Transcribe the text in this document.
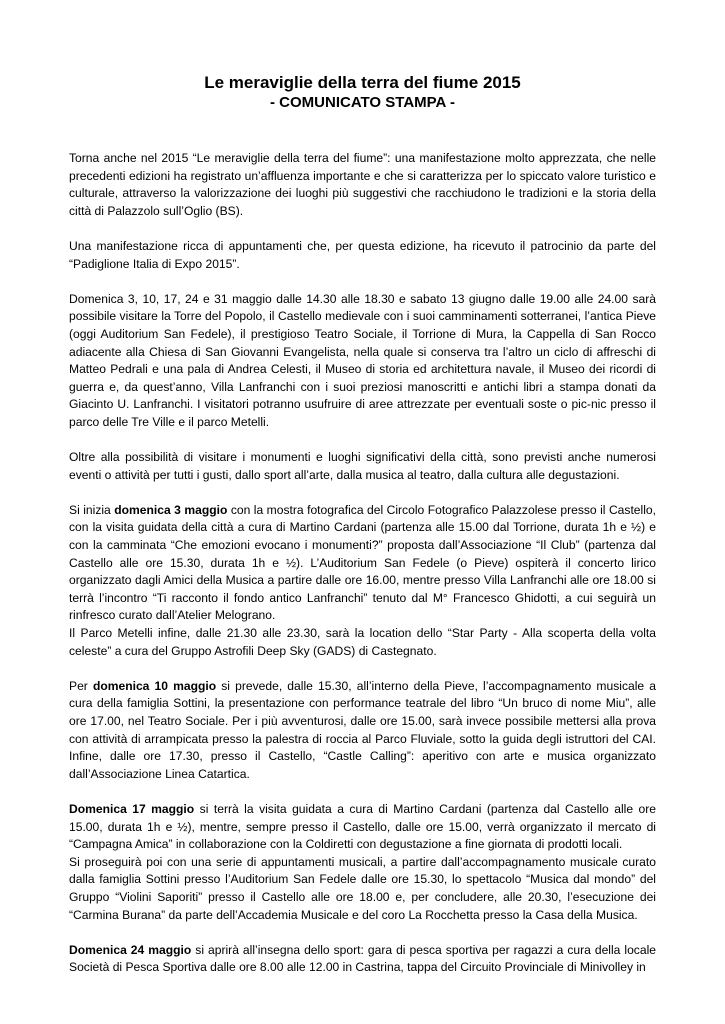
Le meraviglie della terra del fiume 2015
- COMUNICATO STAMPA -

Torna anche nel 2015 “Le meraviglie della terra del fiume”: una manifestazione molto apprezzata, che nelle precedenti edizioni ha registrato un’affluenza importante e che si caratterizza per lo spiccato valore turistico e culturale, attraverso la valorizzazione dei luoghi più suggestivi che racchiudono le tradizioni e la storia della città di Palazzolo sull’Oglio (BS).

Una manifestazione ricca di appuntamenti che, per questa edizione, ha ricevuto il patrocinio da parte del “Padiglione Italia di Expo 2015”.

Domenica 3, 10, 17, 24 e 31 maggio dalle 14.30 alle 18.30 e sabato 13 giugno dalle 19.00 alle 24.00 sarà possibile visitare la Torre del Popolo, il Castello medievale con i suoi camminamenti sotterranei, l’antica Pieve (oggi Auditorium San Fedele), il prestigioso Teatro Sociale, il Torrione di Mura, la Cappella di San Rocco adiacente alla Chiesa di San Giovanni Evangelista, nella quale si conserva tra l’altro un ciclo di affreschi di Matteo Pedrali e una pala di Andrea Celesti, il Museo di storia ed architettura navale, il Museo dei ricordi di guerra e, da quest’anno, Villa Lanfranchi con i suoi preziosi manoscritti e antichi libri a stampa donati da Giacinto U. Lanfranchi. I visitatori potranno usufruire di aree attrezzate per eventuali soste o pic-nic presso il parco delle Tre Ville e il parco Metelli.

Oltre alla possibilità di visitare i monumenti e luoghi significativi della città, sono previsti anche numerosi eventi o attività per tutti i gusti, dallo sport all’arte, dalla musica al teatro, dalla cultura alle degustazioni.

Si inizia domenica 3 maggio con la mostra fotografica del Circolo Fotografico Palazzolese presso il Castello, con la visita guidata della città a cura di Martino Cardani (partenza alle 15.00 dal Torrione, durata 1h e ½) e con la camminata “Che emozioni evocano i monumenti?” proposta dall’Associazione “Il Club” (partenza dal Castello alle ore 15.30, durata 1h e ½). L’Auditorium San Fedele (o Pieve) ospiterà il concerto lirico organizzato dagli Amici della Musica a partire dalle ore 16.00, mentre presso Villa Lanfranchi alle ore 18.00 si terrà l’incontro “Ti racconto il fondo antico Lanfranchi” tenuto dal M° Francesco Ghidotti, a cui seguirà un rinfresco curato dall’Atelier Melograno.

Il Parco Metelli infine, dalle 21.30 alle 23.30, sarà la location dello “Star Party - Alla scoperta della volta celeste” a cura del Gruppo Astrofili Deep Sky (GADS) di Castegnato.

Per domenica 10 maggio si prevede, dalle 15.30, all’interno della Pieve, l’accompagnamento musicale a cura della famiglia Sottini, la presentazione con performance teatrale del libro “Un bruco di nome Miu”, alle ore 17.00, nel Teatro Sociale. Per i più avventurosi, dalle ore 15.00, sarà invece possibile mettersi alla prova con attività di arrampicata presso la palestra di roccia al Parco Fluviale, sotto la guida degli istruttori del CAI. Infine, dalle ore 17.30, presso il Castello, “Castle Calling”: aperitivo con arte e musica organizzato dall’Associazione Linea Catartica.

Domenica 17 maggio si terrà la visita guidata a cura di Martino Cardani (partenza dal Castello alle ore 15.00, durata 1h e ½), mentre, sempre presso il Castello, dalle ore 15.00, verrà organizzato il mercato di “Campagna Amica” in collaborazione con la Coldiretti con degustazione a fine giornata di prodotti locali.

Si proseguirà poi con una serie di appuntamenti musicali, a partire dall’accompagnamento musicale curato dalla famiglia Sottini presso l’Auditorium San Fedele dalle ore 15.30, lo spettacolo “Musica dal mondo” del Gruppo “Violini Saporiti” presso il Castello alle ore 18.00 e, per concludere, alle 20.30, l’esecuzione dei “Carmina Burana” da parte dell’Accademia Musicale e del coro La Rocchetta presso la Casa della Musica.

Domenica 24 maggio si aprirà all’insegna dello sport: gara di pesca sportiva per ragazzi a cura della locale Società di Pesca Sportiva dalle ore 8.00 alle 12.00 in Castrina, tappa del Circuito Provinciale di Minivolley in
